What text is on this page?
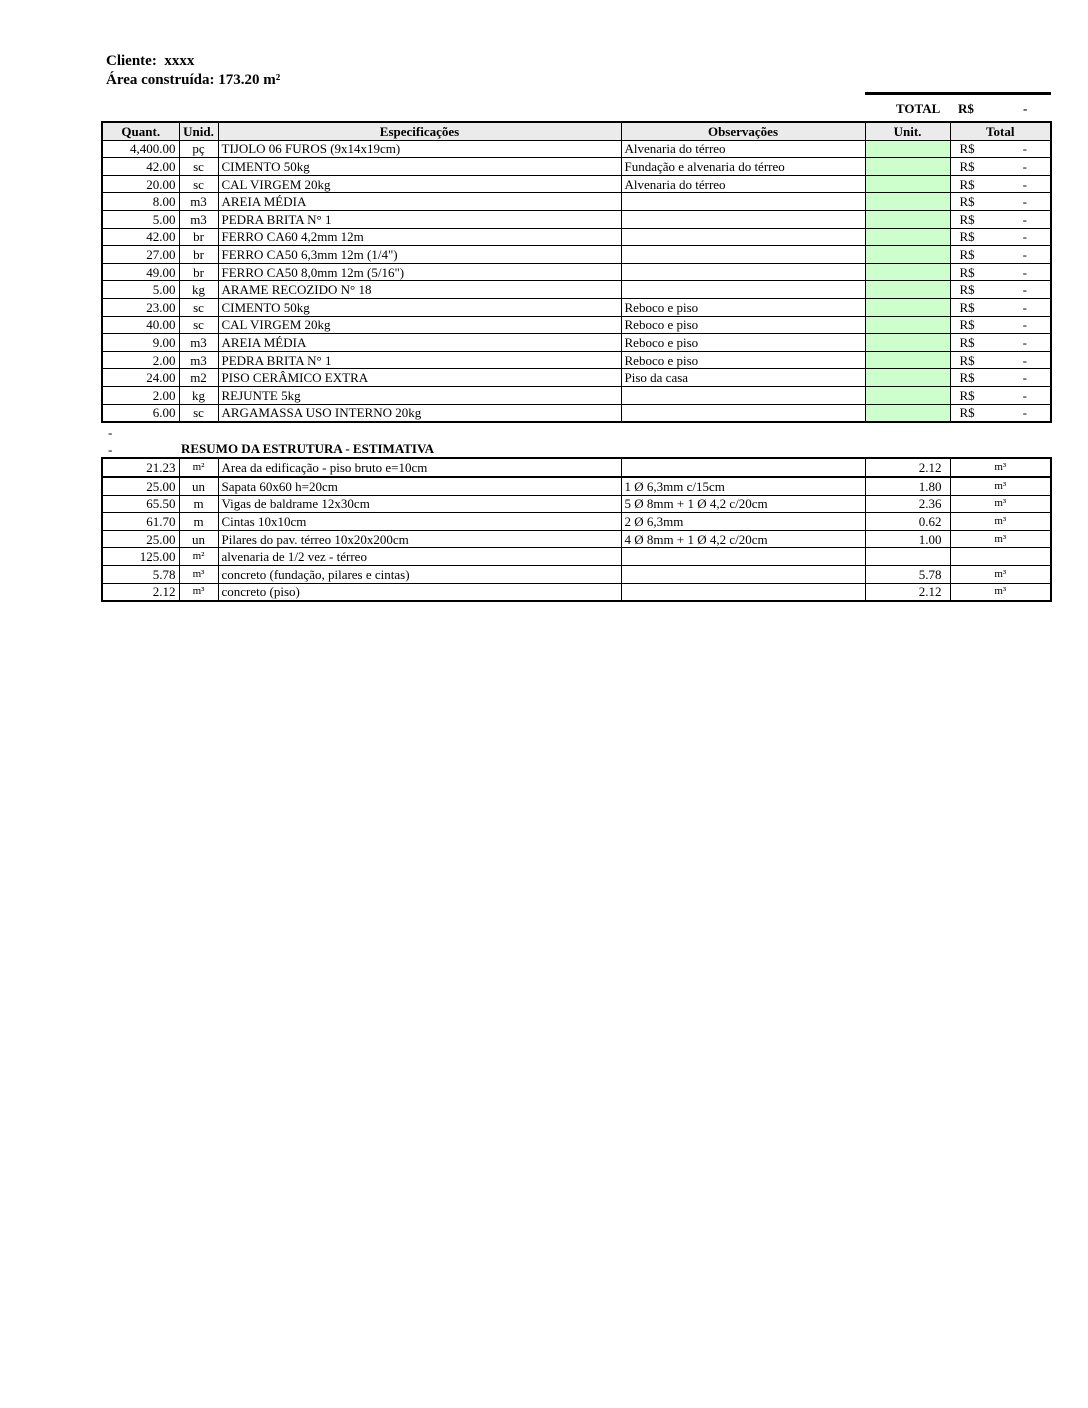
Cliente: xxxx
Área construída: 173.20 m²
TOTAL R$	-
Quant.	Unid.	Especificações	Observações	Unit.	Total
4,400.00	pç	TIJOLO 06 FUROS (9x14x19cm)	Alvenaria do térreo		R$ -

42.00	sc	CIMENTO 50kg	Fundação e alvenaria do térreo		R$ -

20.00	sc	CAL VIRGEM 20kg	Alvenaria do térreo		R$ -

8.00	m3	AREIA MÉDIA			R$ -

5.00	m3	PEDRA BRITA N° 1			R$ -

42.00	br	FERRO CA60 4,2mm 12m			R$ -

27.00	br	FERRO CA50 6,3mm 12m (1/4")			R$ -

49.00	br	FERRO CA50 8,0mm 12m (5/16")			R$ -

5.00	kg	ARAME RECOZIDO N° 18			R$ -

23.00	sc	CIMENTO 50kg	Reboco e piso		R$ -

40.00	sc	CAL VIRGEM 20kg	Reboco e piso		R$ -

9.00	m3	AREIA MÉDIA	Reboco e piso		R$ -

2.00	m3	PEDRA BRITA N° 1	Reboco e piso		R$ -

24.00	m2	PISO CERÂMICO EXTRA	Piso da casa		R$ -

2.00	kg	REJUNTE 5kg			R$ -

6.00	sc	ARGAMASSA USO INTERNO 20kg			R$ -
-
-	RESUMO DA ESTRUTURA - ESTIMATIVA
21.23	m²	Area da edificação - piso bruto e=10cm		2.12	m³
25.00	un	Sapata 60x60 h=20cm	1 Ø 6,3mm c/15cm	1.80	m³
65.50	m	Vigas de baldrame 12x30cm	5 Ø 8mm + 1 Ø 4,2 c/20cm	2.36	m³
61.70	m	Cintas 10x10cm	2 Ø 6,3mm	0.62	m³
25.00	un	Pilares do pav. térreo 10x20x200cm	4 Ø 8mm + 1 Ø 4,2 c/20cm	1.00	m³
125.00	m²	alvenaria de 1/2 vez - térreo			
5.78	m³	concreto (fundação, pilares e cintas)		5.78	m³
2.12	m³	concreto (piso)		2.12	m³
